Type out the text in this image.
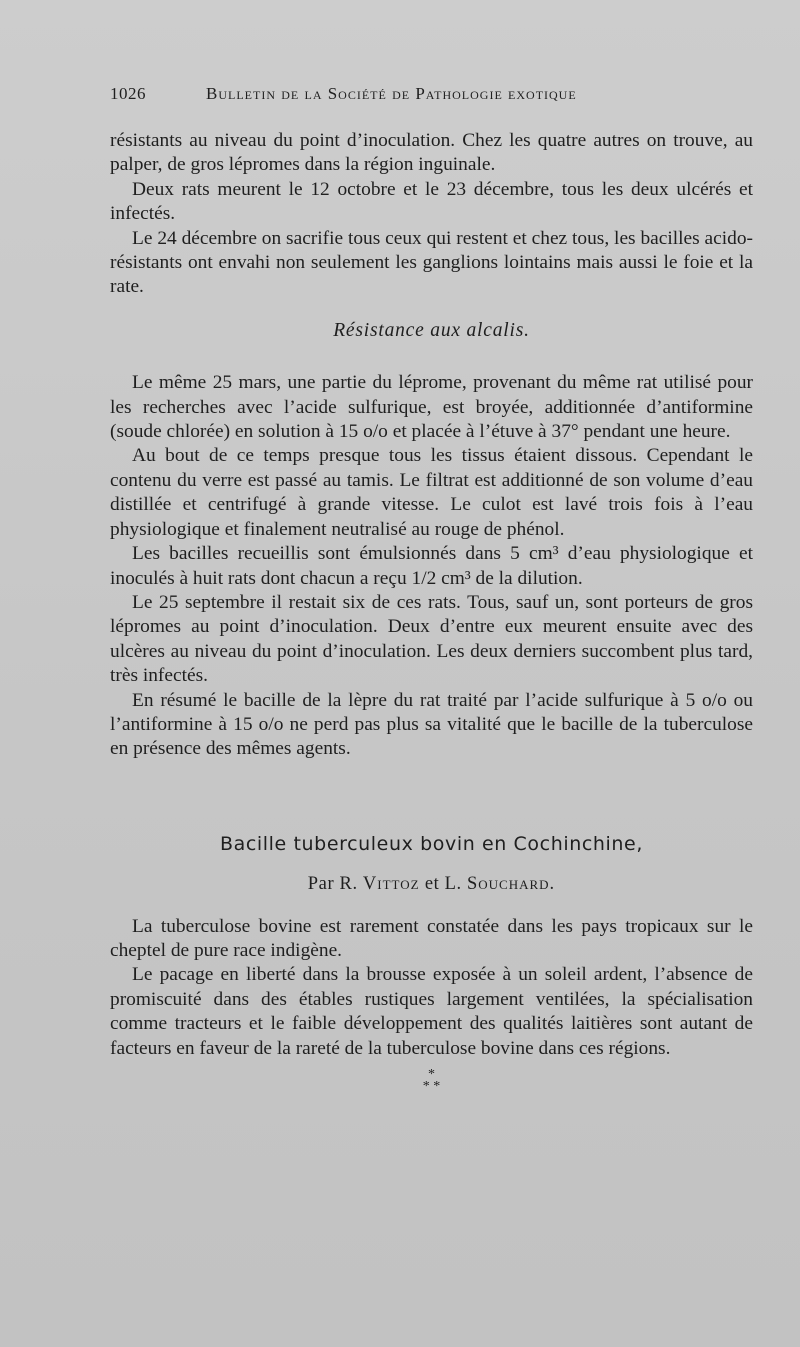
1026	Bulletin de la Société de Pathologie exotique

résistants au niveau du point d’inoculation. Chez les quatre autres on trouve, au palper, de gros lépromes dans la région inguinale.

Deux rats meurent le 12 octobre et le 23 décembre, tous les deux ulcérés et infectés.

Le 24 décembre on sacrifie tous ceux qui restent et chez tous, les bacilles acido-résistants ont envahi non seulement les ganglions lointains mais aussi le foie et la rate.

Résistance aux alcalis.

Le même 25 mars, une partie du lépromе, provenant du même rat utilisé pour les recherches avec l’acide sulfurique, est broyée, additionnée d’antiformine (soude chlorée) en solution à 15 o/o et placée à l’étuve à 37° pendant une heure.

Au bout de ce temps presque tous les tissus étaient dissous. Cependant le contenu du verre est passé au tamis. Le filtrat est additionné de son volume d’eau distillée et centrifugé à grande vitesse. Le culot est lavé trois fois à l’eau physiologique et finalement neutralisé au rouge de phénol.

Les bacilles recueillis sont émulsionnés dans 5 cm³ d’eau physiologique et inoculés à huit rats dont chacun a reçu 1/2 cm³ de la dilution.

Le 25 septembre il restait six de ces rats. Tous, sauf un, sont porteurs de gros lépromes au point d’inoculation. Deux d’entre eux meurent ensuite avec des ulcères au niveau du point d’inoculation. Les deux derniers succombent plus tard, très infectés.

En résumé le bacille de la lèpre du rat traité par l’acide sulfurique à 5 o/o ou l’antiformine à 15 o/o ne perd pas plus sa vitalité que le bacille de la tuberculose en présence des mêmes agents.

Bacille tuberculeux bovin en Cochinchine,
Par R. Vittoz et L. Souchard.

La tuberculose bovine est rarement constatée dans les pays tropicaux sur le cheptel de pure race indigène.

Le pacage en liberté dans la brousse exposée à un soleil ardent, l’absence de promiscuité dans des étables rustiques largement ventilées, la spécialisation comme tracteurs et le faible développement des qualités laitières sont autant de facteurs en faveur de la rareté de la tuberculose bovine dans ces régions.

*
* *
